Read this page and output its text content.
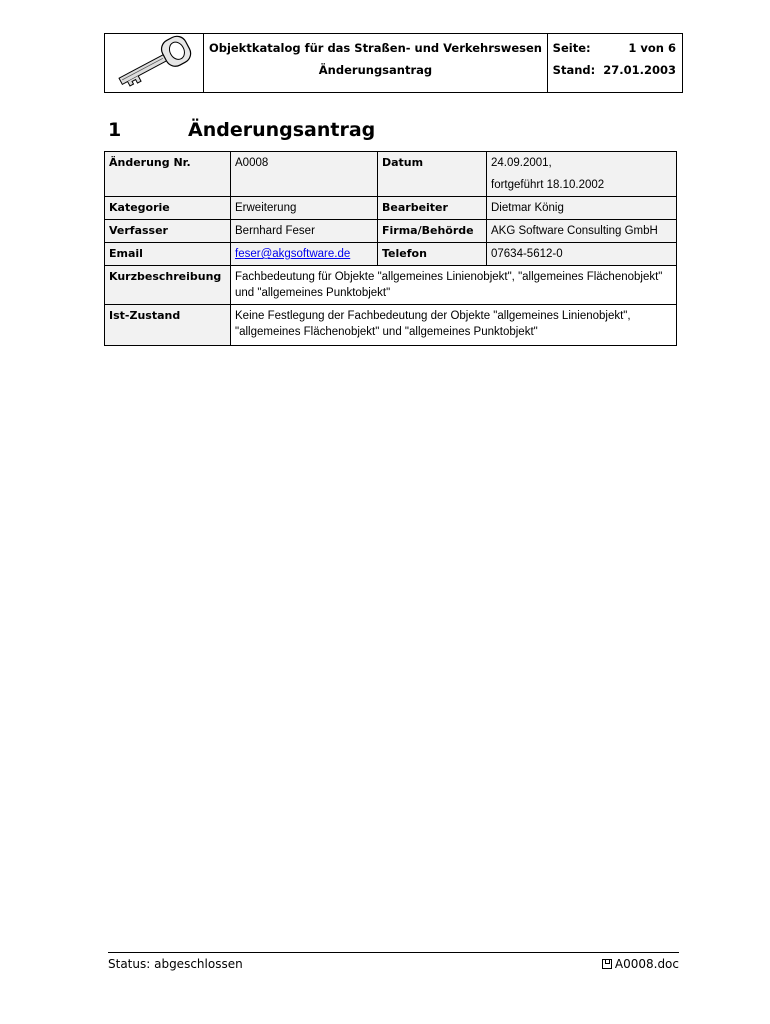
Objektkatalog für das Straßen- und Verkehrswesen
Änderungsantrag
Seite:	1 von 6
Stand: 27.01.2003
1	Änderungsantrag
Änderung Nr.	A0008	Datum	24.09.2001,
fortgeführt 18.10.2002

Kategorie	Erweiterung	Bearbeiter	Dietmar König
Verfasser	Bernhard Feser	Firma/Behörde	AKG Software Consulting GmbH
Email	feser@akgsoftware.de	Telefon	07634-5612-0
Kurzbeschreibung	Fachbedeutung für Objekte "allgemeines Linienobjekt", "allgemeines Flächenobjekt" und "allgemeines Punktobjekt"		
Ist-Zustand	Keine Festlegung der Fachbedeutung der Objekte "allgemeines Linienobjekt", "allgemeines Flächenobjekt" und "allgemeines Punktobjekt"		
Status: abgeschlossen	A0008.doc
